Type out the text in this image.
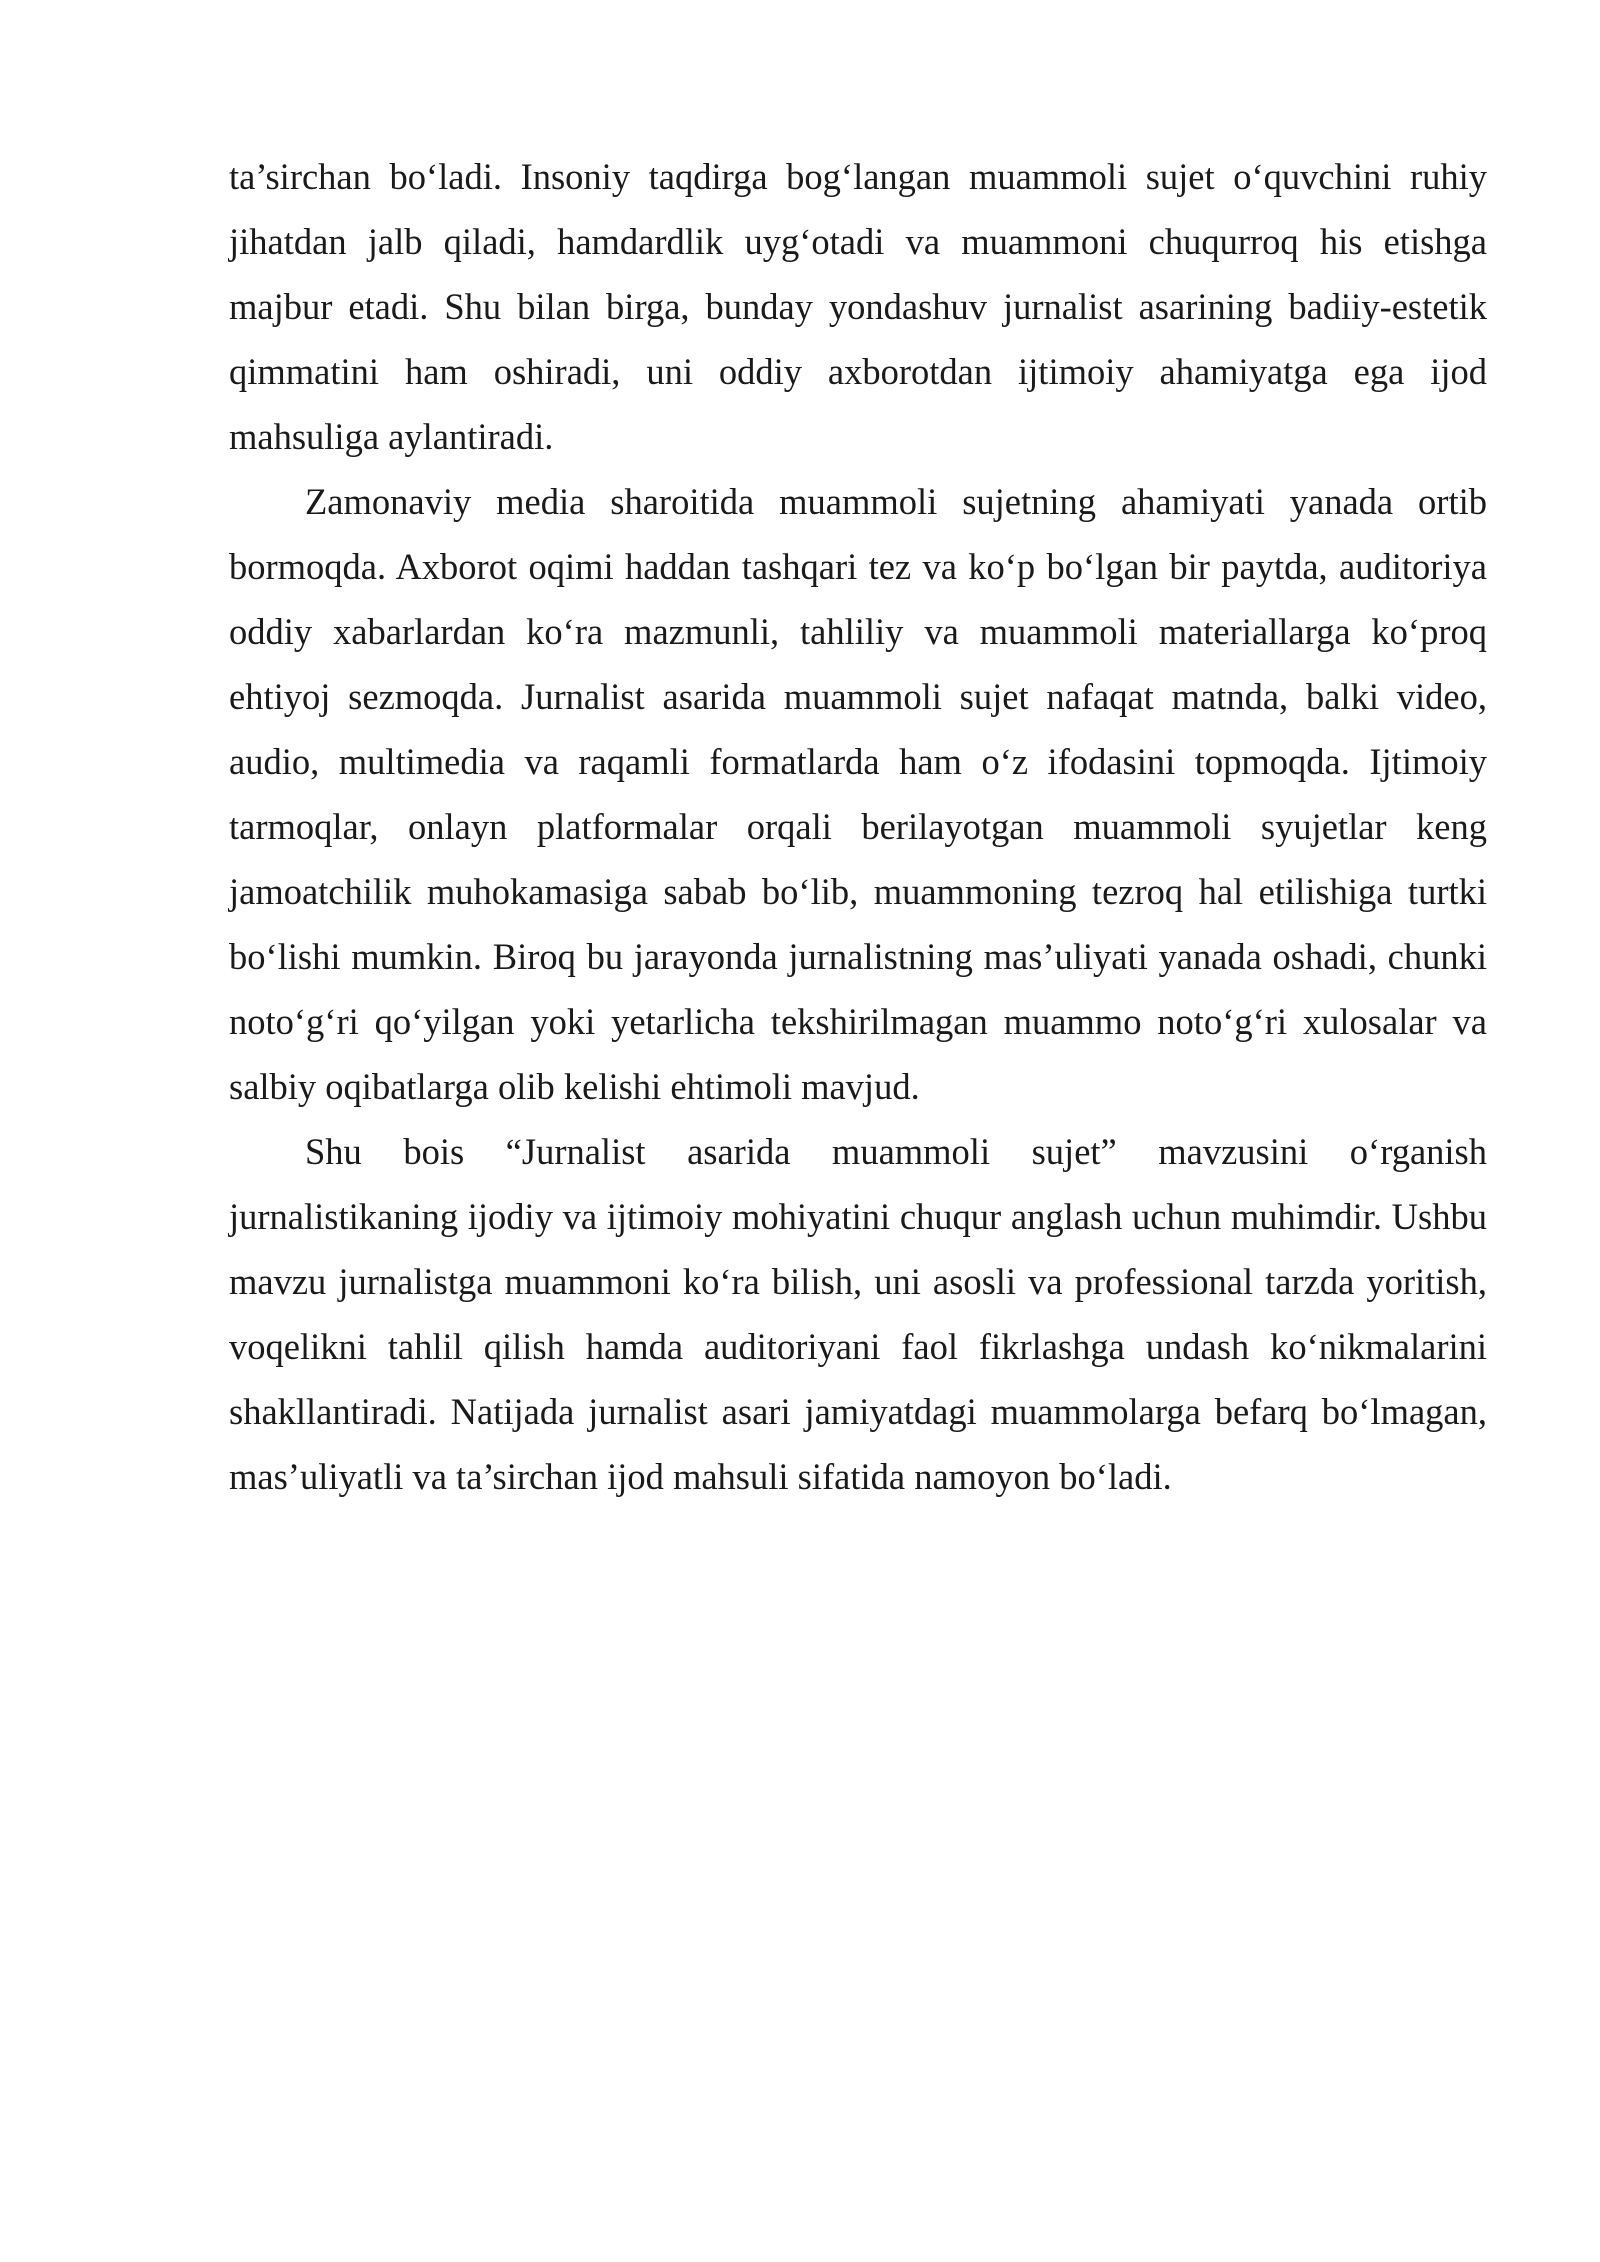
ta’sirchan bo‘ladi. Insoniy taqdirga bog‘langan muammoli sujet o‘quvchini ruhiy jihatdan jalb qiladi, hamdardlik uyg‘otadi va muammoni chuqurroq his etishga majbur etadi. Shu bilan birga, bunday yondashuv jurnalist asarining badiiy-estetik qimmatini ham oshiradi, uni oddiy axborotdan ijtimoiy ahamiyatga ega ijod mahsuliga aylantiradi.

Zamonaviy media sharoitida muammoli sujetning ahamiyati yanada ortib bormoqda. Axborot oqimi haddan tashqari tez va ko‘p bo‘lgan bir paytda, auditoriya oddiy xabarlardan ko‘ra mazmunli, tahliliy va muammoli materiallarga ko‘proq ehtiyoj sezmoqda. Jurnalist asarida muammoli sujet nafaqat matnda, balki video, audio, multimedia va raqamli formatlarda ham o‘z ifodasini topmoqda. Ijtimoiy tarmoqlar, onlayn platformalar orqali berilayotgan muammoli syujetlar keng jamoatchilik muhokamasiga sabab bo‘lib, muammoning tezroq hal etilishiga turtki bo‘lishi mumkin. Biroq bu jarayonda jurnalistning mas’uliyati yanada oshadi, chunki noto‘g‘ri qo‘yilgan yoki yetarlicha tekshirilmagan muammo noto‘g‘ri xulosalar va salbiy oqibatlarga olib kelishi ehtimoli mavjud.

Shu bois “Jurnalist asarida muammoli sujet” mavzusini o‘rganish jurnalistikaning ijodiy va ijtimoiy mohiyatini chuqur anglash uchun muhimdir. Ushbu mavzu jurnalistga muammoni ko‘ra bilish, uni asosli va professional tarzda yoritish, voqelikni tahlil qilish hamda auditoriyani faol fikrlashga undash ko‘nikmalarini shakllantiradi. Natijada jurnalist asari jamiyatdagi muammolarga befarq bo‘lmagan, mas’uliyatli va ta’sirchan ijod mahsuli sifatida namoyon bo‘ladi.
